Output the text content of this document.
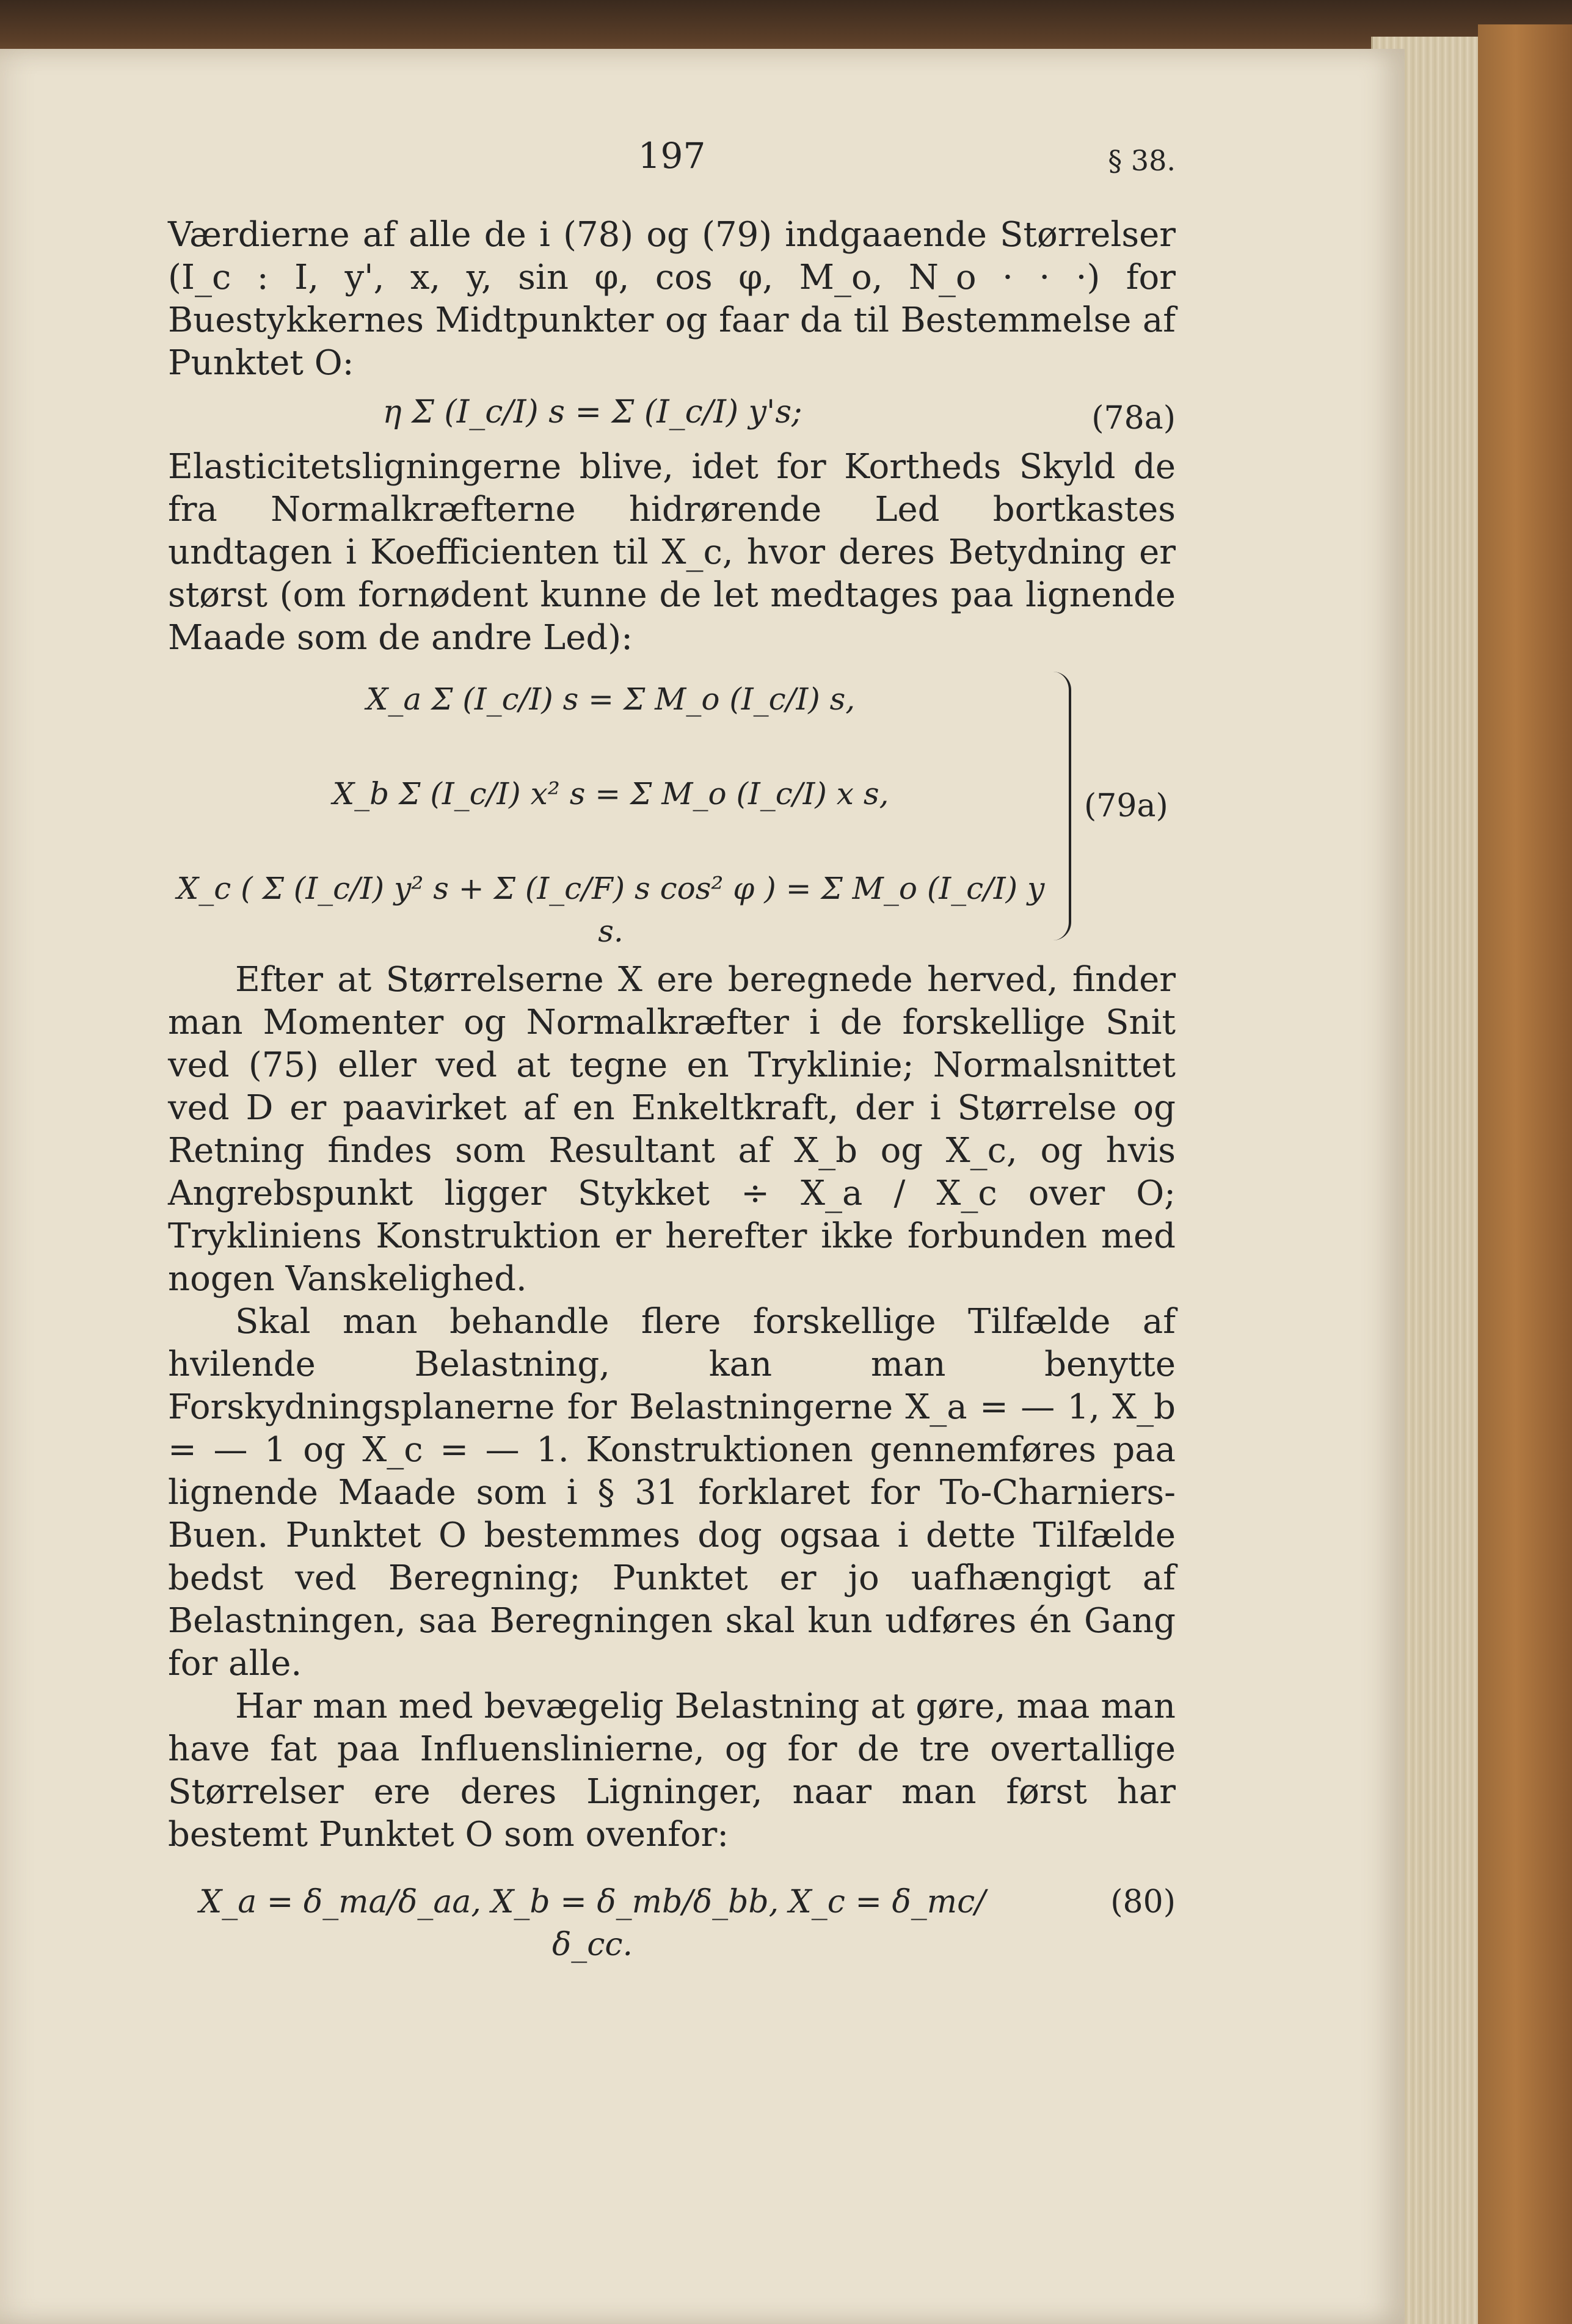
197	§ 38.

Værdierne af alle de i (78) og (79) indgaaende Størrelser (I_c : I, y', x, y, sin φ, cos φ, M_o, N_o · · ·) for Buestykkernes Midtpunkter og faar da til Bestemmelse af Punktet O:

η Σ (I_c/I) s = Σ (I_c/I) y's;	(78a)

Elasticitetsligningerne blive, idet for Kortheds Skyld de fra Normalkræfterne hidrørende Led bortkastes undtagen i Koefficienten til X_c, hvor deres Betydning er størst (om fornødent kunne de let medtages paa lignende Maade som de andre Led):

X_a Σ (I_c/I) s = Σ M_o (I_c/I) s,
X_b Σ (I_c/I) x² s = Σ M_o (I_c/I) x s,
X_c ( Σ (I_c/I) y² s + Σ (I_c/F) s cos² φ ) = Σ M_o (I_c/I) y s.
(79a)

Efter at Størrelserne X ere beregnede herved, finder man Momenter og Normalkræfter i de forskellige Snit ved (75) eller ved at tegne en Tryklinie; Normalsnittet ved D er paavirket af en Enkeltkraft, der i Størrelse og Retning findes som Resultant af X_b og X_c, og hvis Angrebspunkt ligger Stykket ÷ X_a / X_c over O; Trykliniens Konstruktion er herefter ikke forbunden med nogen Vanskelighed.

Skal man behandle flere forskellige Tilfælde af hvilende Belastning, kan man benytte Forskydningsplanerne for Belastningerne X_a = — 1, X_b = — 1 og X_c = — 1. Konstruktionen gennemføres paa lignende Maade som i § 31 forklaret for To-Charniers-Buen. Punktet O bestemmes dog ogsaa i dette Tilfælde bedst ved Beregning; Punktet er jo uafhængigt af Belastningen, saa Beregningen skal kun udføres én Gang for alle.

Har man med bevægelig Belastning at gøre, maa man have fat paa Influenslinierne, og for de tre overtallige Størrelser ere deres Ligninger, naar man først har bestemt Punktet O som ovenfor:

X_a = δ_ma/δ_aa, X_b = δ_mb/δ_bb, X_c = δ_mc/δ_cc.
(80)
